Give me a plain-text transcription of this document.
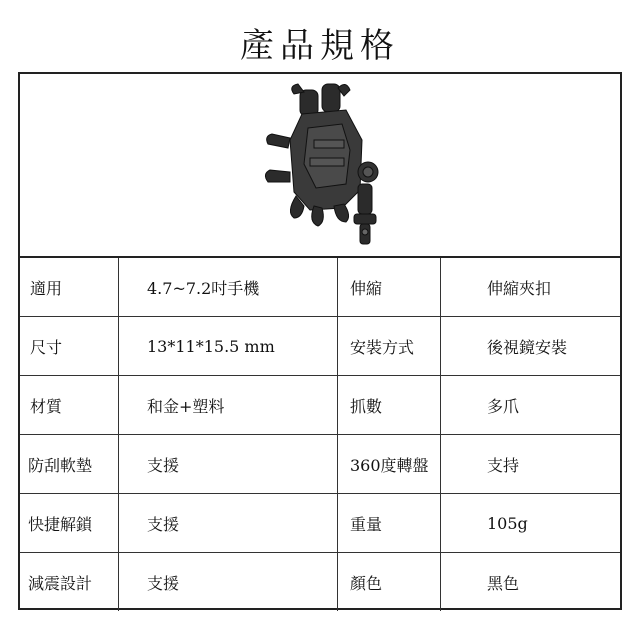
產品規格
適用	4.7~7.2吋手機	伸縮	伸縮夾扣
尺寸	13*11*15.5 mm	安裝方式	後視鏡安裝
材質	和金+塑料	抓數	多爪
防刮軟墊	支援	360度轉盤	支持
快捷解鎖	支援	重量	105g
減震設計	支援	顏色	黑色
